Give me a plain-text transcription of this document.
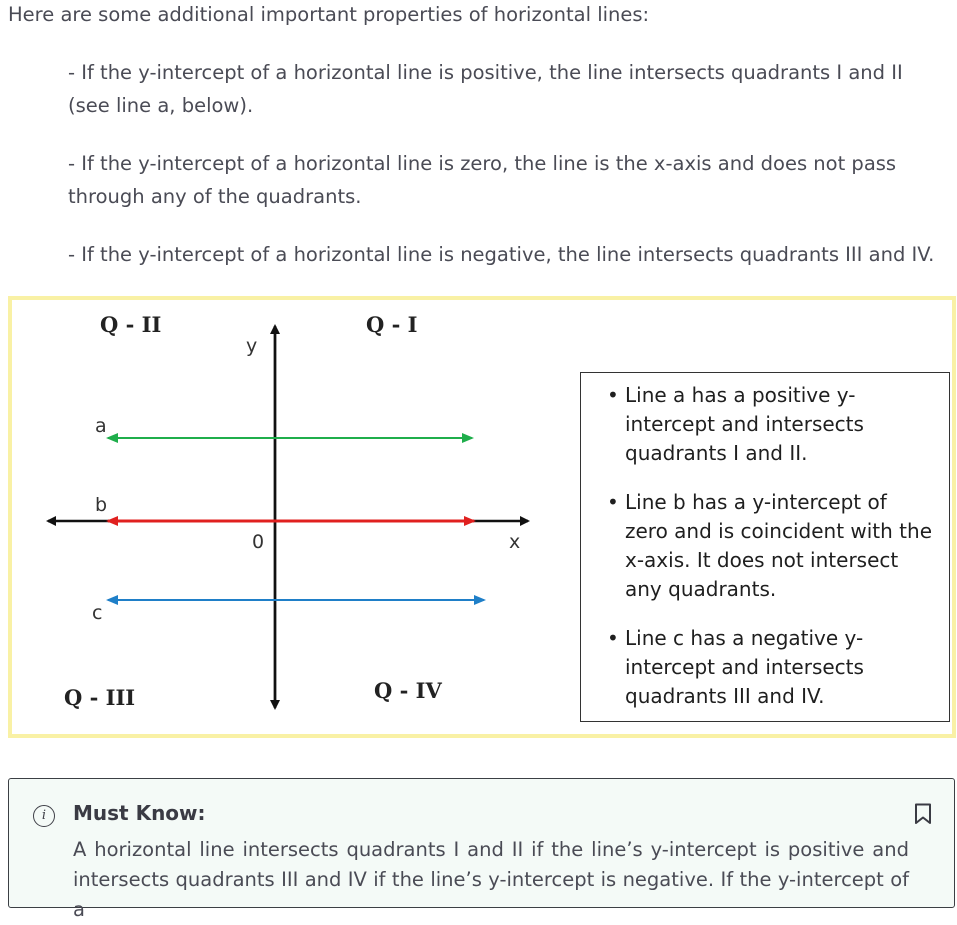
Here are some additional important properties of horizontal lines:
- If the y-intercept of a horizontal line is positive, the line intersects quadrants I and II (see line a, below).
- If the y-intercept of a horizontal line is zero, the line is the x-axis and does not pass through any of the quadrants.
- If the y-intercept of a horizontal line is negative, the line intersects quadrants III and IV.
Q - II	Q - I
Q - III	Q - IV
y
x
0
a
b
c
• Line a has a positive y-intercept and intersects quadrants I and II.
• Line b has a y-intercept of zero and is coincident with the x-axis. It does not intersect any quadrants.
• Line c has a negative y-intercept and intersects quadrants III and IV.
i	Must Know:
A horizontal line intersects quadrants I and II if the line’s y-intercept is positive and intersects quadrants III and IV if the line’s y-intercept is negative. If the y-intercept of a
